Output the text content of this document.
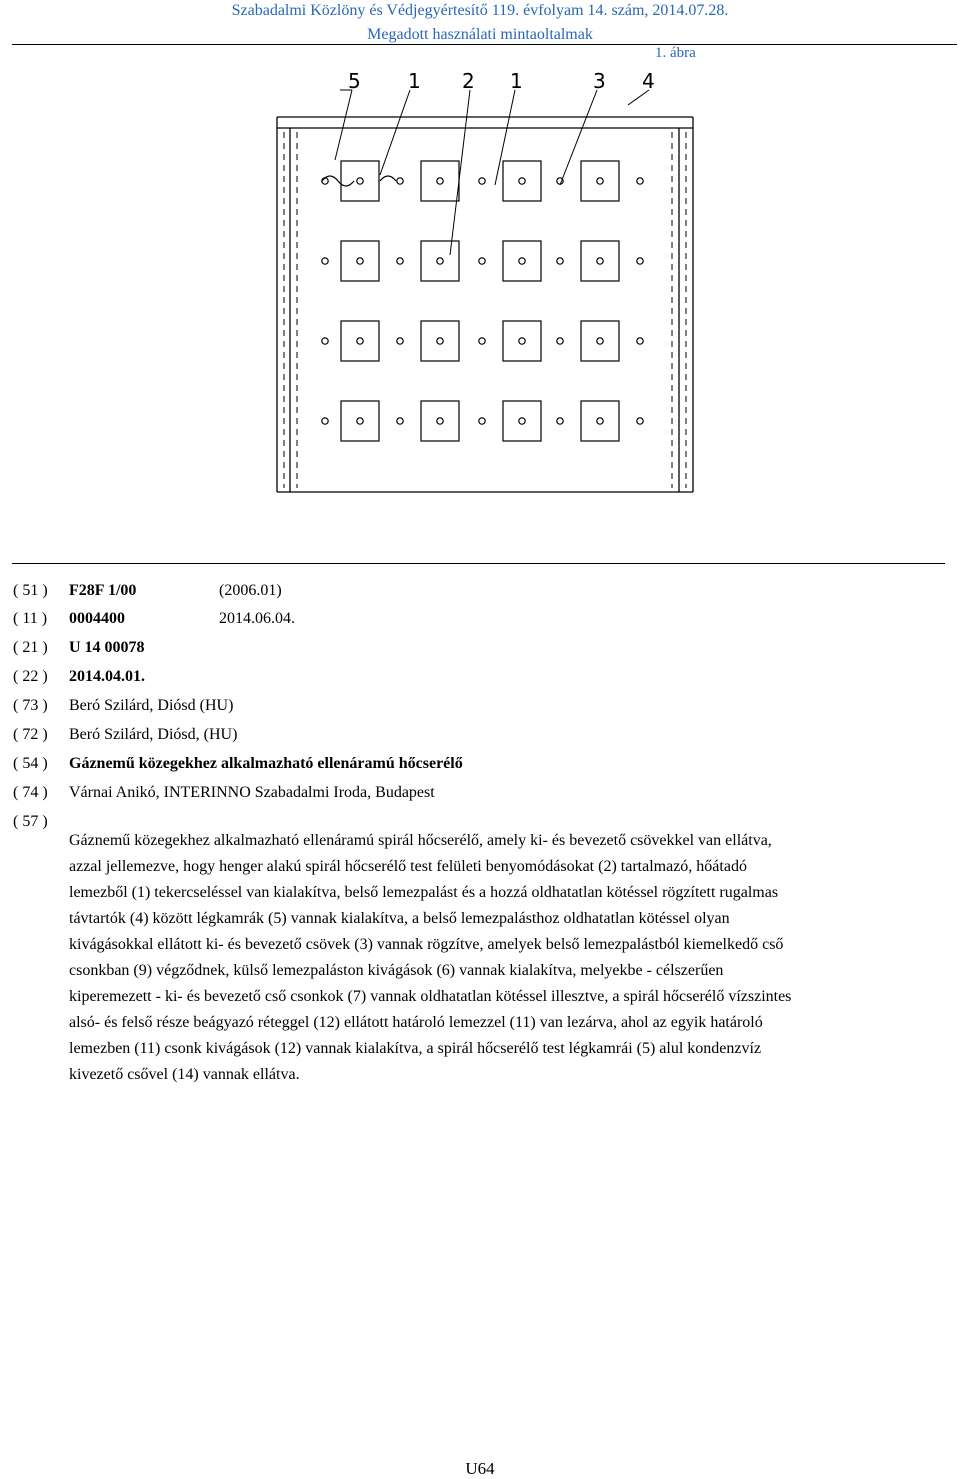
Szabadalmi Közlöny és Védjegyértesítő 119. évfolyam 14. szám, 2014.07.28.
Megadott használati mintaoltalmak
1. ábra
5 1 2 1	3 4
( 51 )	F28F 1/00	(2006.01)
( 11 )	0004400	2014.06.04.
( 21 )	U 14 00078
( 22 )	2014.04.01.
( 73 )	Beró Szilárd, Diósd (HU)
( 72 )	Beró Szilárd, Diósd, (HU)
( 54 )	Gáznemű közegekhez alkalmazható ellenáramú hőcserélő
( 74 )	Várnai Anikó, INTERINNO Szabadalmi Iroda, Budapest
( 57 )
Gáznemű közegekhez alkalmazható ellenáramú spirál hőcserélő, amely ki- és bevezető csövekkel van ellátva,
azzal jellemezve, hogy henger alakú spirál hőcserélő test felületi benyomódásokat (2) tartalmazó, hőátadó
lemezből (1) tekercseléssel van kialakítva, belső lemezpalást és a hozzá oldhatatlan kötéssel rögzített rugalmas
távtartók (4) között légkamrák (5) vannak kialakítva, a belső lemezpalásthoz oldhatatlan kötéssel olyan
kivágásokkal ellátott ki- és bevezető csövek (3) vannak rögzítve, amelyek belső lemezpalástból kiemelkedő cső
csonkban (9) végződnek, külső lemezpaláston kivágások (6) vannak kialakítva, melyekbe - célszerűen
kiperemezett - ki- és bevezető cső csonkok (7) vannak oldhatatlan kötéssel illesztve, a spirál hőcserélő vízszintes
alsó- és felső része beágyazó réteggel (12) ellátott határoló lemezzel (11) van lezárva, ahol az egyik határoló
lemezben (11) csonk kivágások (12) vannak kialakítva, a spirál hőcserélő test légkamrái (5) alul kondenzvíz
kivezető csővel (14) vannak ellátva.
U64
